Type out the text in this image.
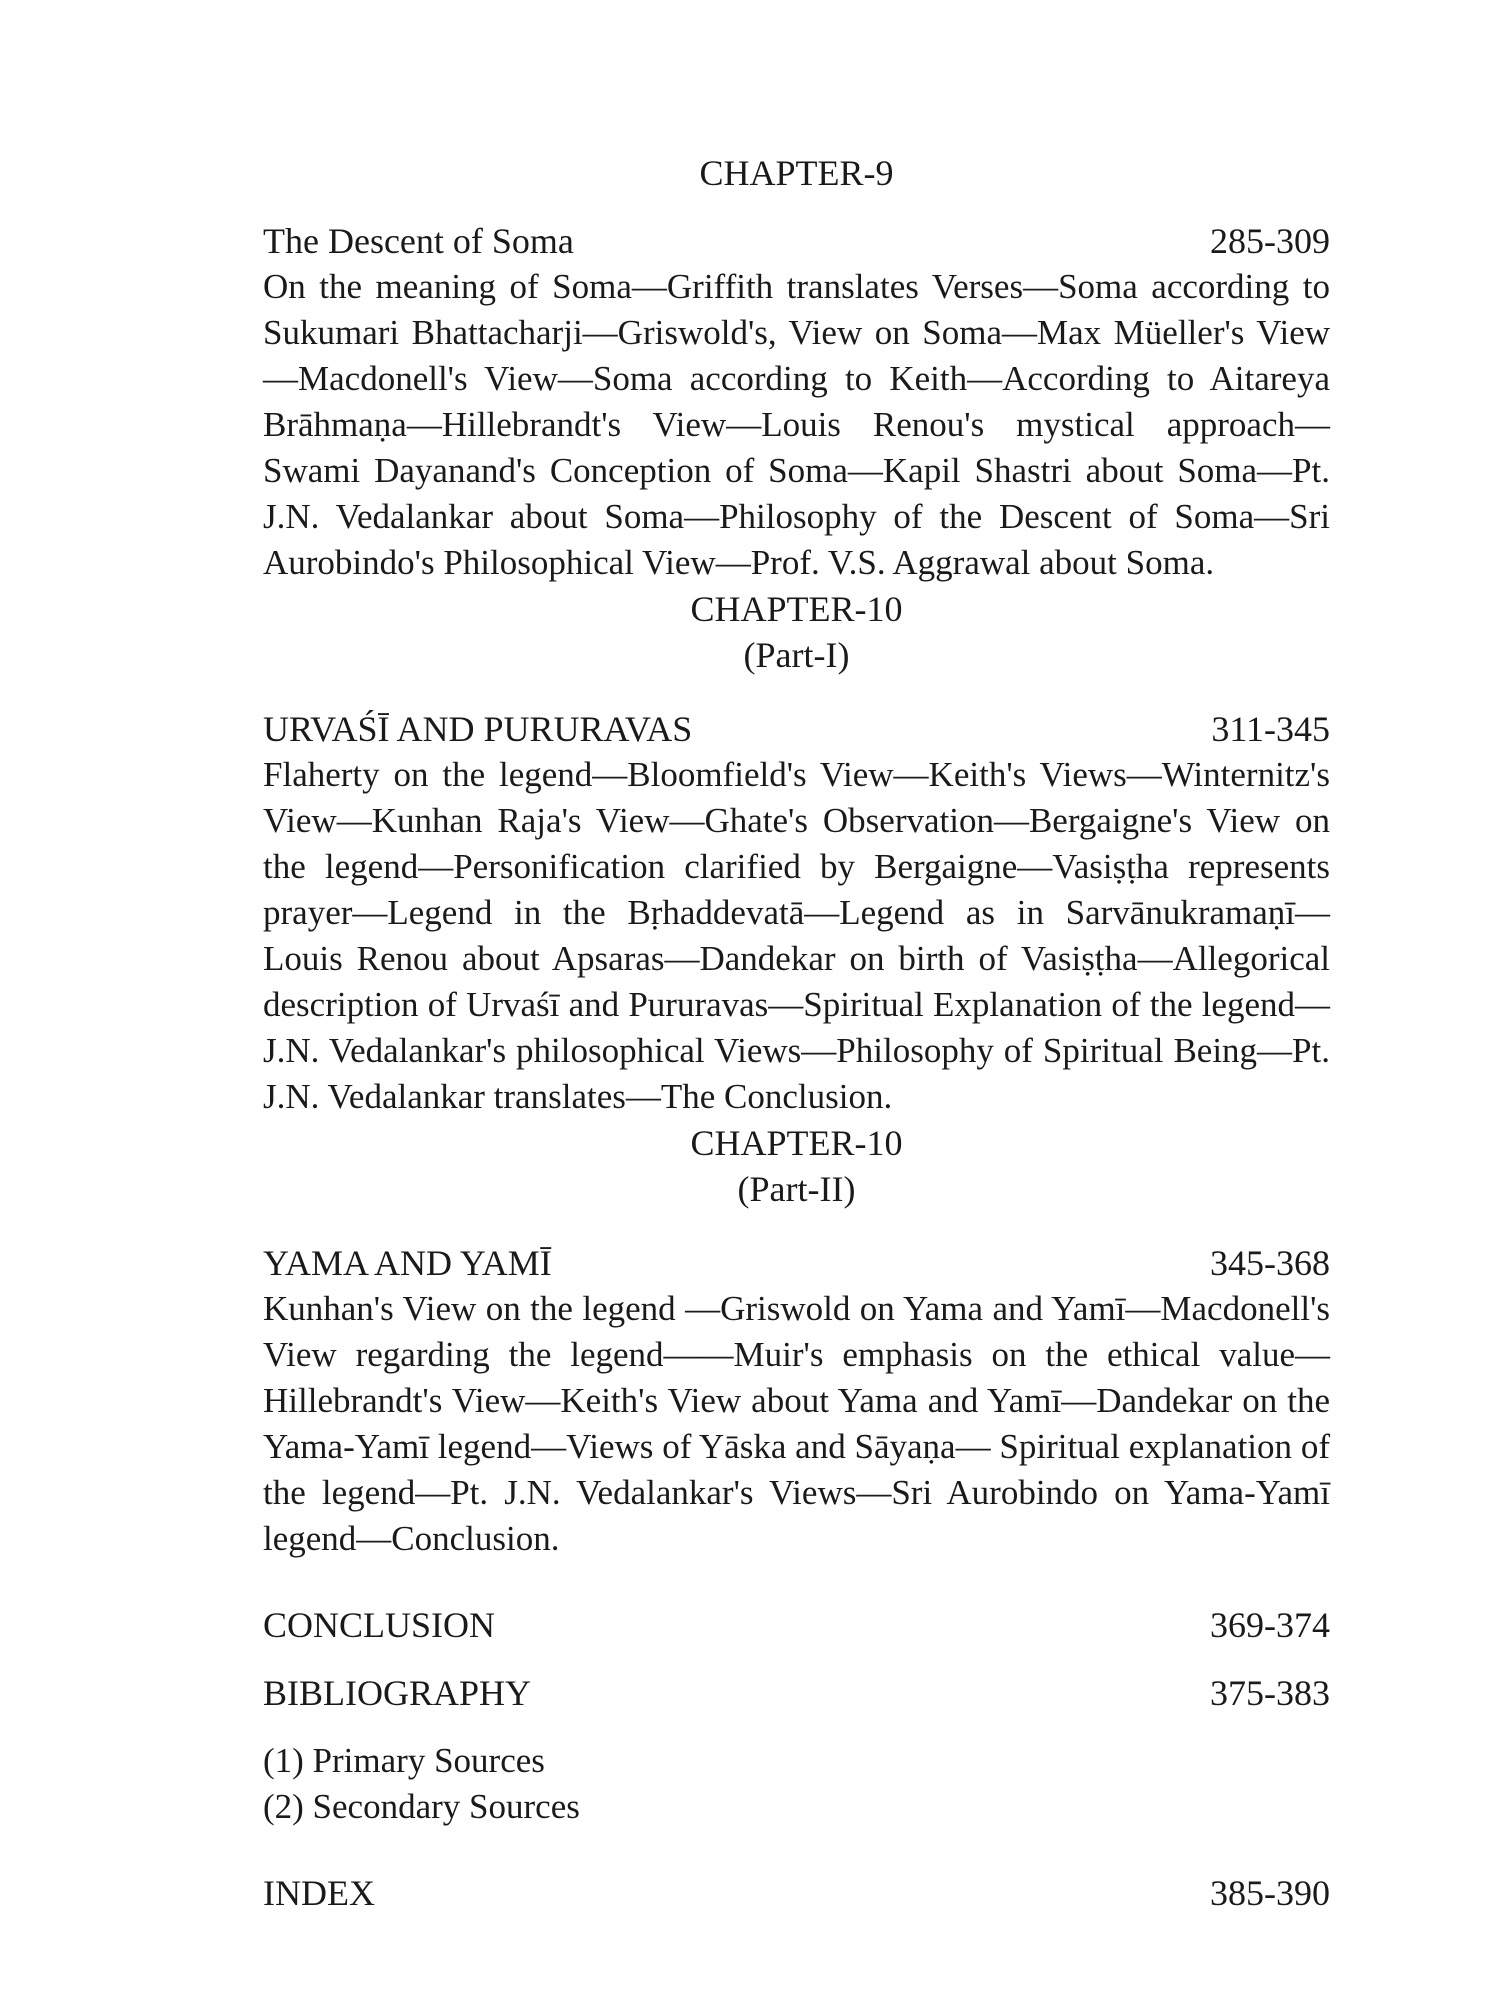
CHAPTER-9

The Descent of Soma	285-309

On the meaning of Soma—Griffith translates Verses—Soma according to Sukumari Bhattacharji—Griswold's, View on Soma—Max Müeller's View—Macdonell's View—Soma according to Keith—According to Aitareya Brāhmaṇa—Hillebrandt's View—Louis Renou's mystical approach—Swami Dayanand's Conception of Soma—Kapil Shastri about Soma—Pt. J.N. Vedalankar about Soma—Philosophy of the Descent of Soma—Sri Aurobindo's Philosophical View—Prof. V.S. Aggrawal about Soma.

CHAPTER-10

(Part-I)

URVAŚĪ AND PURURAVAS	311-345

Flaherty on the legend—Bloomfield's View—Keith's Views—Winternitz's View—Kunhan Raja's View—Ghate's Observation—Bergaigne's View on the legend—Personification clarified by Bergaigne—Vasiṣṭha represents prayer—Legend in the Bṛhaddevatā—Legend as in Sarvānukramaṇī—Louis Renou about Apsaras—Dandekar on birth of Vasiṣṭha—Allegorical description of Urvaśī and Pururavas—Spiritual Explanation of the legend—J.N. Vedalankar's philosophical Views—Philosophy of Spiritual Being—Pt. J.N. Vedalankar translates—The Conclusion.

CHAPTER-10

(Part-II)

YAMA AND YAMĪ	345-368

Kunhan's View on the legend —Griswold on Yama and Yamī—Macdonell's View regarding the legend——Muir's emphasis on the ethical value—Hillebrandt's View—Keith's View about Yama and Yamī—Dandekar on the Yama-Yamī legend—Views of Yāska and Sāyaṇa— Spiritual explanation of the legend—Pt. J.N. Vedalankar's Views—Sri Aurobindo on Yama-Yamī legend—Conclusion.

CONCLUSION	369-374
BIBLIOGRAPHY	375-383

(1) Primary Sources

(2) Secondary Sources

INDEX	385-390
